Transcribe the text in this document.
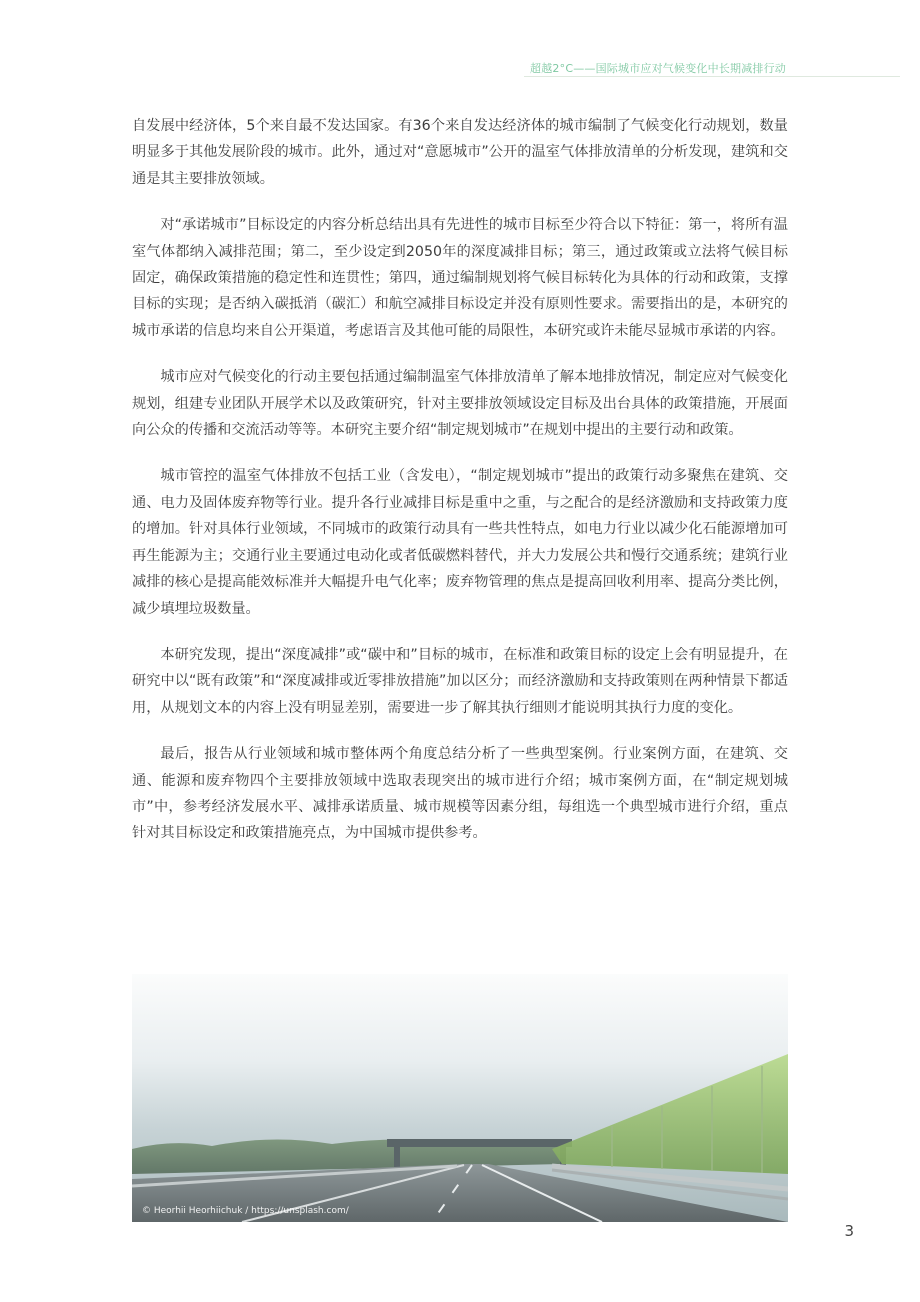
超越2°C——国际城市应对气候变化中长期减排行动

自发展中经济体，5个来自最不发达国家。有36个来自发达经济体的城市编制了气候变化行动规划，数量明显多于其他发展阶段的城市。此外，通过对“意愿城市”公开的温室气体排放清单的分析发现，建筑和交通是其主要排放领域。

对“承诺城市”目标设定的内容分析总结出具有先进性的城市目标至少符合以下特征：第一，将所有温室气体都纳入减排范围；第二，至少设定到2050年的深度减排目标；第三，通过政策或立法将气候目标固定，确保政策措施的稳定性和连贯性；第四，通过编制规划将气候目标转化为具体的行动和政策，支撑目标的实现；是否纳入碳抵消（碳汇）和航空减排目标设定并没有原则性要求。需要指出的是，本研究的城市承诺的信息均来自公开渠道，考虑语言及其他可能的局限性，本研究或许未能尽显城市承诺的内容。

城市应对气候变化的行动主要包括通过编制温室气体排放清单了解本地排放情况，制定应对气候变化规划，组建专业团队开展学术以及政策研究，针对主要排放领域设定目标及出台具体的政策措施，开展面向公众的传播和交流活动等等。本研究主要介绍“制定规划城市”在规划中提出的主要行动和政策。

城市管控的温室气体排放不包括工业（含发电），“制定规划城市”提出的政策行动多聚焦在建筑、交通、电力及固体废弃物等行业。提升各行业减排目标是重中之重，与之配合的是经济激励和支持政策力度的增加。针对具体行业领域，不同城市的政策行动具有一些共性特点，如电力行业以减少化石能源增加可再生能源为主；交通行业主要通过电动化或者低碳燃料替代，并大力发展公共和慢行交通系统；建筑行业减排的核心是提高能效标准并大幅提升电气化率；废弃物管理的焦点是提高回收利用率、提高分类比例，减少填埋垃圾数量。

本研究发现，提出“深度减排”或“碳中和”目标的城市，在标准和政策目标的设定上会有明显提升，在研究中以“既有政策”和“深度减排或近零排放措施”加以区分；而经济激励和支持政策则在两种情景下都适用，从规划文本的内容上没有明显差别，需要进一步了解其执行细则才能说明其执行力度的变化。

最后，报告从行业领域和城市整体两个角度总结分析了一些典型案例。行业案例方面，在建筑、交通、能源和废弃物四个主要排放领域中选取表现突出的城市进行介绍；城市案例方面，在“制定规划城市”中，参考经济发展水平、减排承诺质量、城市规模等因素分组，每组选一个典型城市进行介绍，重点针对其目标设定和政策措施亮点，为中国城市提供参考。

© Heorhii Heorhiichuk / https://unsplash.com/
3
